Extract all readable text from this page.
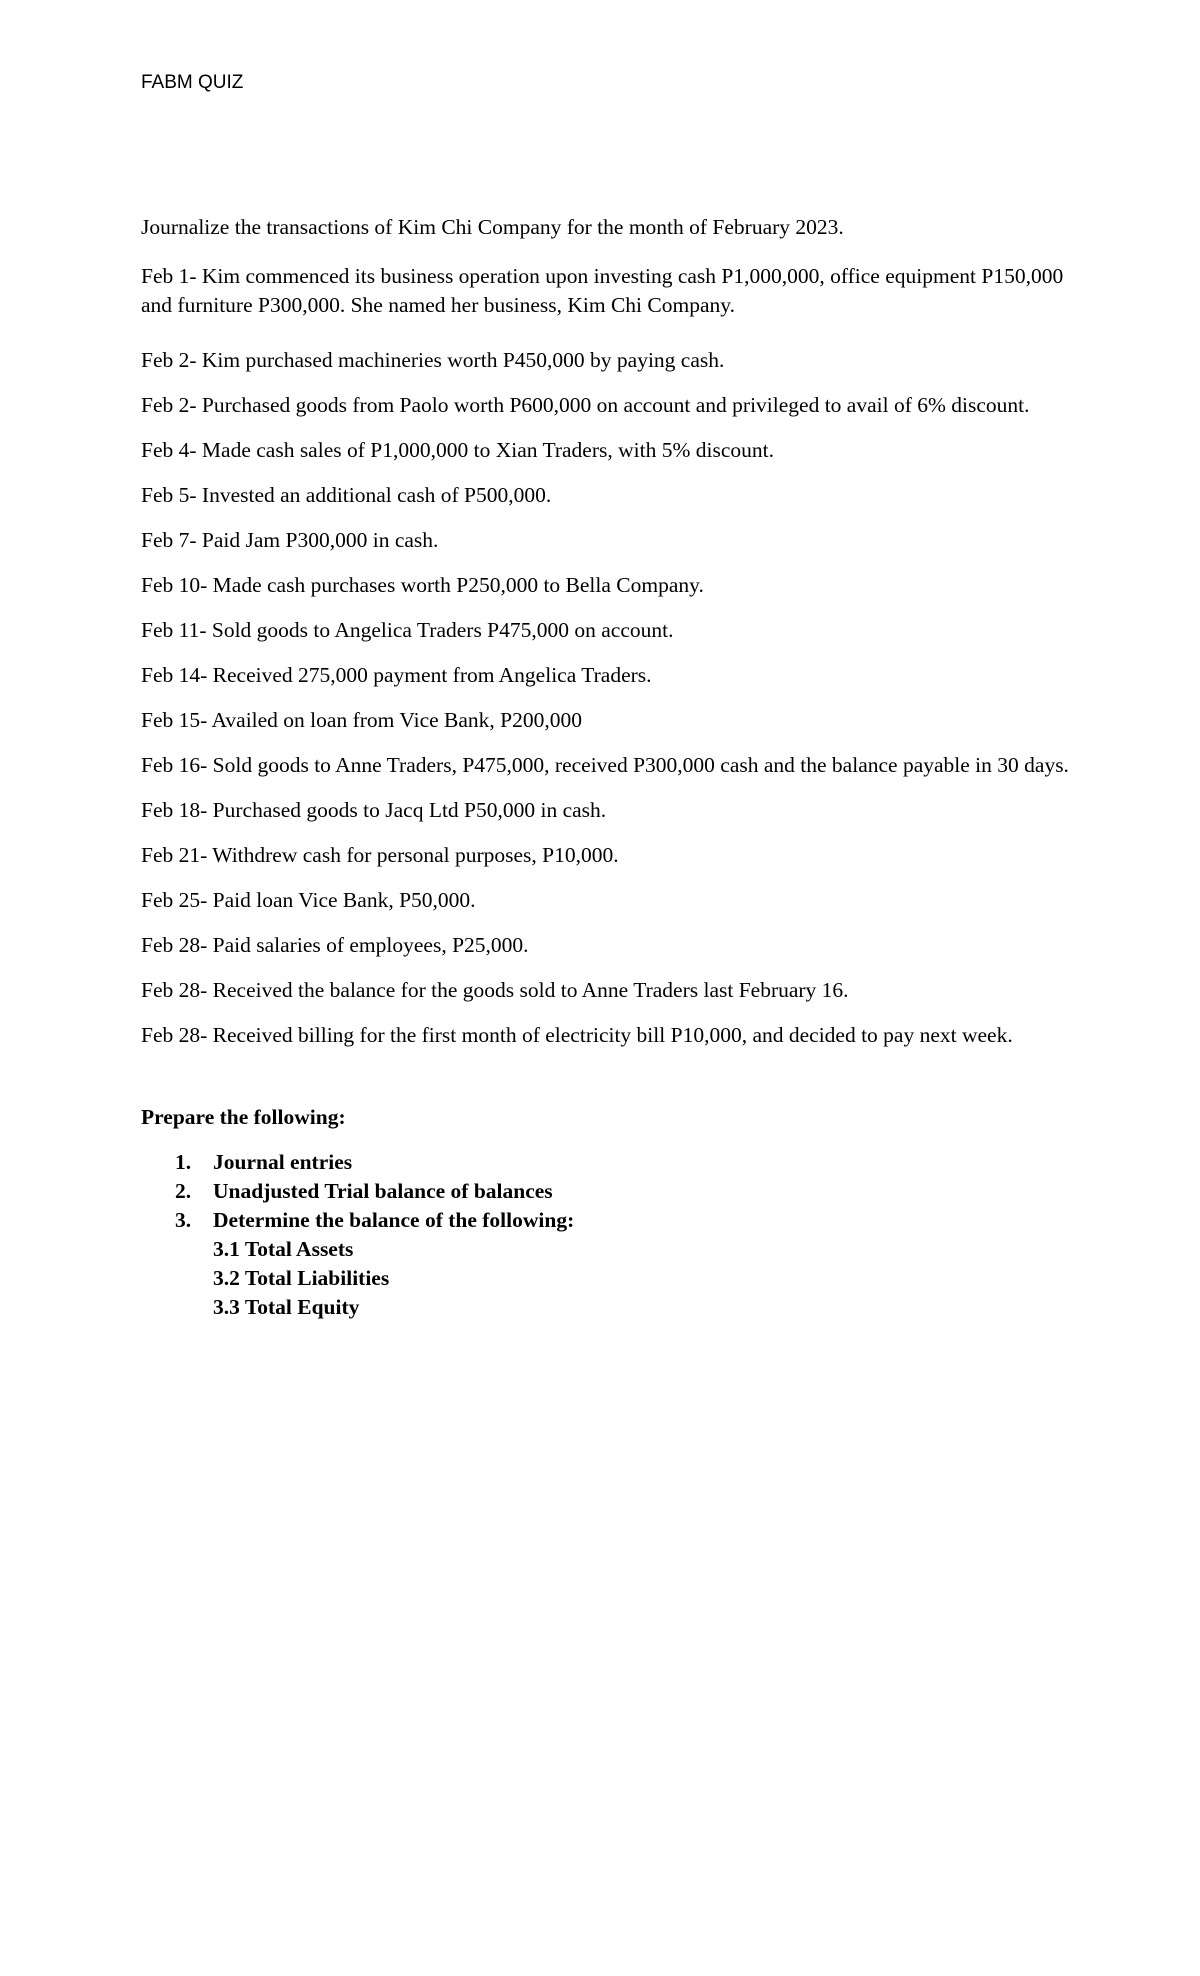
FABM QUIZ

Journalize the transactions of Kim Chi Company for the month of February 2023.

Feb 1- Kim commenced its business operation upon investing cash P1,000,000, office equipment P150,000 and furniture P300,000. She named her business, Kim Chi Company.
Feb 2- Kim purchased machineries worth P450,000 by paying cash.
Feb 2- Purchased goods from Paolo worth P600,000 on account and privileged to avail of 6% discount.
Feb 4- Made cash sales of P1,000,000 to Xian Traders, with 5% discount.
Feb 5- Invested an additional cash of P500,000.
Feb 7- Paid Jam P300,000 in cash.
Feb 10- Made cash purchases worth P250,000 to Bella Company.
Feb 11- Sold goods to Angelica Traders P475,000 on account.
Feb 14- Received 275,000 payment from Angelica Traders.
Feb 15- Availed on loan from Vice Bank, P200,000
Feb 16- Sold goods to Anne Traders, P475,000, received P300,000 cash and the balance payable in 30 days.
Feb 18- Purchased goods to Jacq Ltd P50,000 in cash.
Feb 21- Withdrew cash for personal purposes, P10,000.
Feb 25- Paid loan Vice Bank, P50,000.
Feb 28- Paid salaries of employees, P25,000.
Feb 28- Received the balance for the goods sold to Anne Traders last February 16.
Feb 28- Received billing for the first month of electricity bill P10,000, and decided to pay next week.

Prepare the following:

1. Journal entries
2. Unadjusted Trial balance of balances
3. Determine the balance of the following:
3.1 Total Assets
3.2 Total Liabilities
3.3 Total Equity
